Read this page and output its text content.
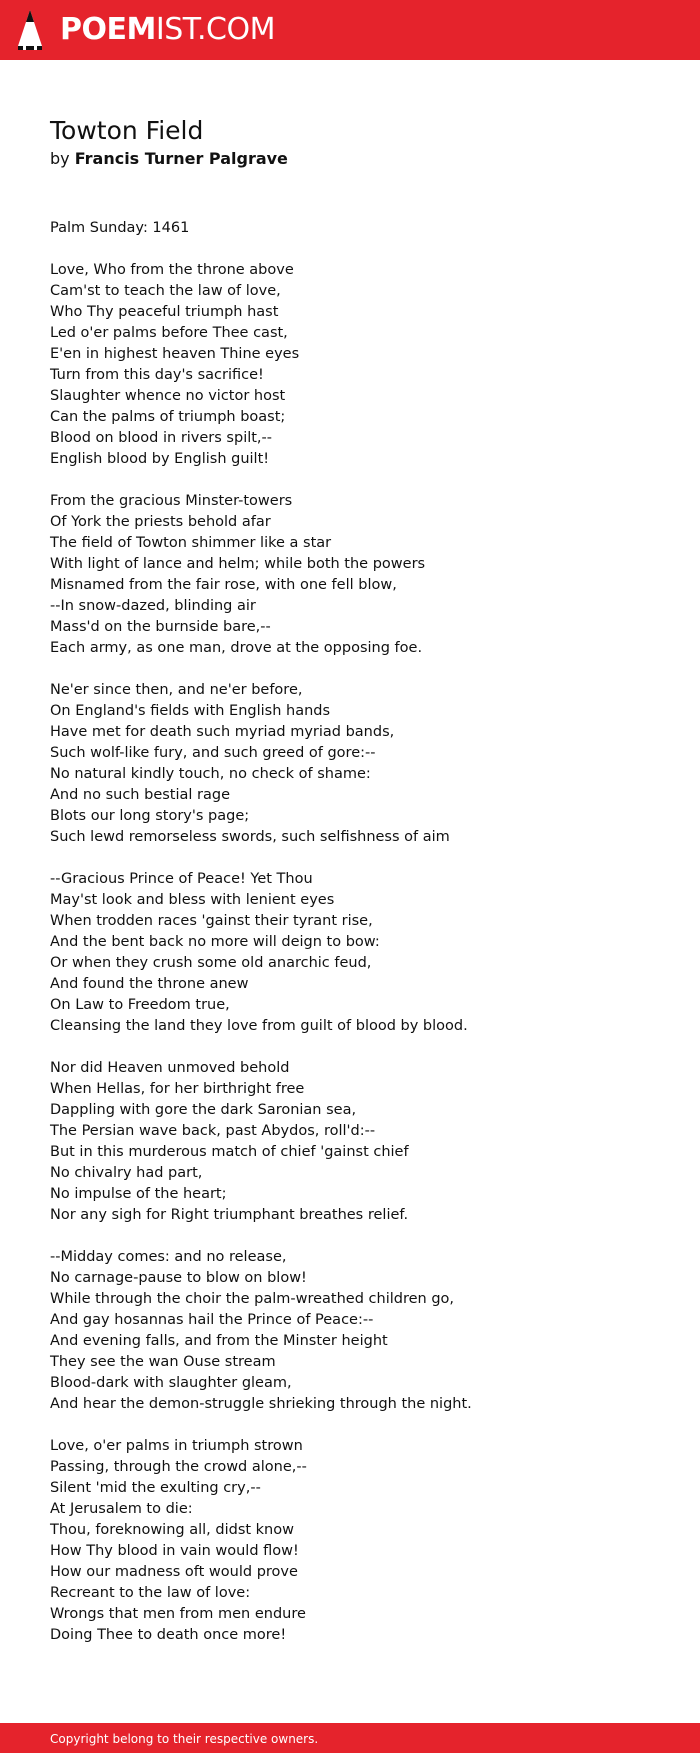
POEMIST.COM
Towton Field
by Francis Turner Palgrave
Palm Sunday: 1461
Love, Who from the throne above
Cam'st to teach the law of love,
Who Thy peaceful triumph hast
Led o'er palms before Thee cast,
E'en in highest heaven Thine eyes
Turn from this day's sacrifice!
Slaughter whence no victor host
Can the palms of triumph boast;
Blood on blood in rivers spilt,--
English blood by English guilt!
From the gracious Minster-towers
Of York the priests behold afar
The field of Towton shimmer like a star
With light of lance and helm; while both the powers
Misnamed from the fair rose, with one fell blow,
--In snow-dazed, blinding air
Mass'd on the burnside bare,--
Each army, as one man, drove at the opposing foe.
Ne'er since then, and ne'er before,
On England's fields with English hands
Have met for death such myriad myriad bands,
Such wolf-like fury, and such greed of gore:--
No natural kindly touch, no check of shame:
And no such bestial rage
Blots our long story's page;
Such lewd remorseless swords, such selfishness of aim
--Gracious Prince of Peace! Yet Thou
May'st look and bless with lenient eyes
When trodden races 'gainst their tyrant rise,
And the bent back no more will deign to bow:
Or when they crush some old anarchic feud,
And found the throne anew
On Law to Freedom true,
Cleansing the land they love from guilt of blood by blood.
Nor did Heaven unmoved behold
When Hellas, for her birthright free
Dappling with gore the dark Saronian sea,
The Persian wave back, past Abydos, roll'd:--
But in this murderous match of chief 'gainst chief
No chivalry had part,
No impulse of the heart;
Nor any sigh for Right triumphant breathes relief.
--Midday comes: and no release,
No carnage-pause to blow on blow!
While through the choir the palm-wreathed children go,
And gay hosannas hail the Prince of Peace:--
And evening falls, and from the Minster height
They see the wan Ouse stream
Blood-dark with slaughter gleam,
And hear the demon-struggle shrieking through the night.
Love, o'er palms in triumph strown
Passing, through the crowd alone,--
Silent 'mid the exulting cry,--
At Jerusalem to die:
Thou, foreknowing all, didst know
How Thy blood in vain would flow!
How our madness oft would prove
Recreant to the law of love:
Wrongs that men from men endure
Doing Thee to death once more!
Copyright belong to their respective owners.
